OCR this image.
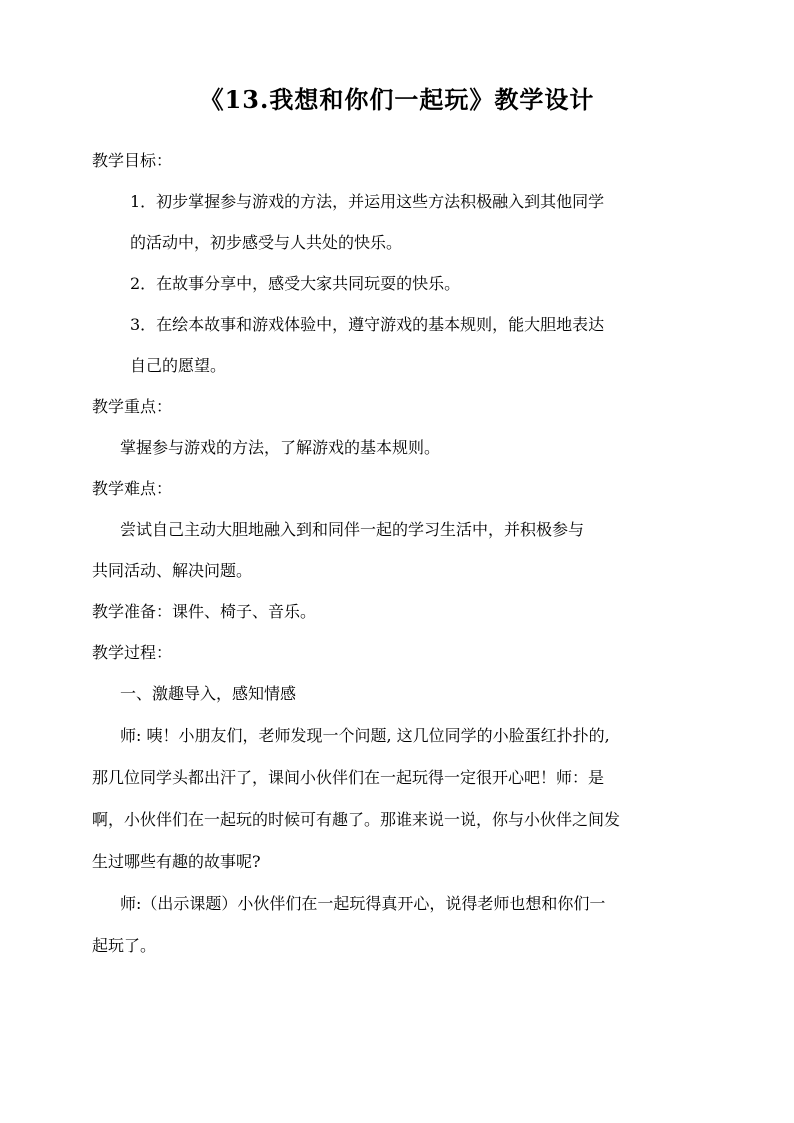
《13.我想和你们一起玩》教学设计
教学目标：
1．初步掌握参与游戏的方法，并运用这些方法积极融入到其他同学
的活动中，初步感受与人共处的快乐。
2．在故事分享中，感受大家共同玩耍的快乐。
3．在绘本故事和游戏体验中，遵守游戏的基本规则，能大胆地表达
自己的愿望。
教学重点：
掌握参与游戏的方法，了解游戏的基本规则。
教学难点：
尝试自己主动大胆地融入到和同伴一起的学习生活中，并积极参与
共同活动、解决问题。
教学准备：课件、椅子、音乐。
教学过程：
一、激趣导入，感知情感
师: 咦！小朋友们，老师发现一个问题, 这几位同学的小脸蛋红扑扑的,
那几位同学头都出汗了，课间小伙伴们在一起玩得一定很开心吧！师：是
啊，小伙伴们在一起玩的时候可有趣了。那谁来说一说，你与小伙伴之间发
生过哪些有趣的故事呢?
师:（出示课题）小伙伴们在一起玩得真开心，说得老师也想和你们一
起玩了。
